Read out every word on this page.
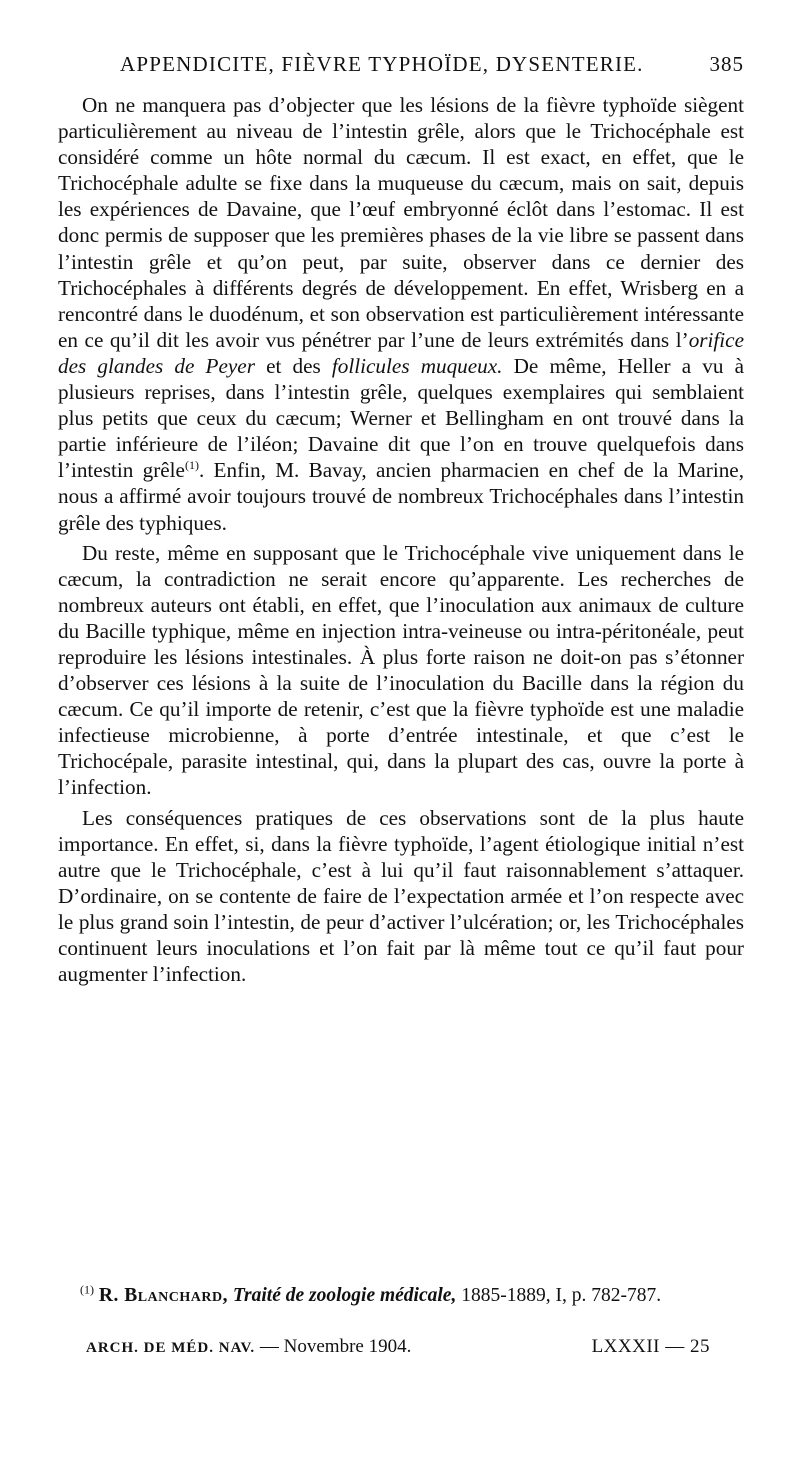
APPENDICITE, FIÈVRE TYPHOÏDE, DYSENTERIE.	385

On ne manquera pas d’objecter que les lésions de la fièvre typhoïde siègent particulièrement au niveau de l’intestin grêle, alors que le Trichocéphale est considéré comme un hôte normal du cæcum. Il est exact, en effet, que le Trichocéphale adulte se fixe dans la muqueuse du cæcum, mais on sait, depuis les expériences de Davaine, que l’œuf embryonné éclôt dans l’estomac. Il est donc permis de supposer que les premières phases de la vie libre se passent dans l’intestin grêle et qu’on peut, par suite, observer dans ce dernier des Trichocéphales à différents degrés de développement. En effet, Wrisberg en a rencontré dans le duodénum, et son observation est particulièrement intéressante en ce qu’il dit les avoir vus pénétrer par l’une de leurs extrémités dans l’orifice des glandes de Peyer et des follicules muqueux. De même, Heller a vu à plusieurs reprises, dans l’intestin grêle, quelques exemplaires qui semblaient plus petits que ceux du cæcum; Werner et Bellingham en ont trouvé dans la partie inférieure de l’iléon; Davaine dit que l’on en trouve quelquefois dans l’intestin grêle$^{(1)}$. Enfin, M. Bavay, ancien pharmacien en chef de la Marine, nous a affirmé avoir toujours trouvé de nombreux Trichocéphales dans l’intestin grêle des typhiques.

Du reste, même en supposant que le Trichocéphale vive uniquement dans le cæcum, la contradiction ne serait encore qu’apparente. Les recherches de nombreux auteurs ont établi, en effet, que l’inoculation aux animaux de culture du Bacille typhique, même en injection intra-veineuse ou intra-péritonéale, peut reproduire les lésions intestinales. À plus forte raison ne doit-on pas s’étonner d’observer ces lésions à la suite de l’inoculation du Bacille dans la région du cæcum. Ce qu’il importe de retenir, c’est que la fièvre typhoïde est une maladie infectieuse microbienne, à porte d’entrée intestinale, et que c’est le Trichocépale, parasite intestinal, qui, dans la plupart des cas, ouvre la porte à l’infection.

Les conséquences pratiques de ces observations sont de la plus haute importance. En effet, si, dans la fièvre typhoïde, l’agent étiologique initial n’est autre que le Trichocéphale, c’est à lui qu’il faut raisonnablement s’attaquer. D’ordinaire, on se contente de faire de l’expectation armée et l’on respecte avec le plus grand soin l’intestin, de peur d’activer l’ulcération; or, les Trichocéphales continuent leurs inoculations et l’on fait par là même tout ce qu’il faut pour augmenter l’infection.

$^{(1)}$ R. Blanchard, Traité de zoologie médicale, 1885-1889, I, p. 782-787.
ARCH. DE MÉD. NAV. — Novembre 1904.	LXXXII — 25
